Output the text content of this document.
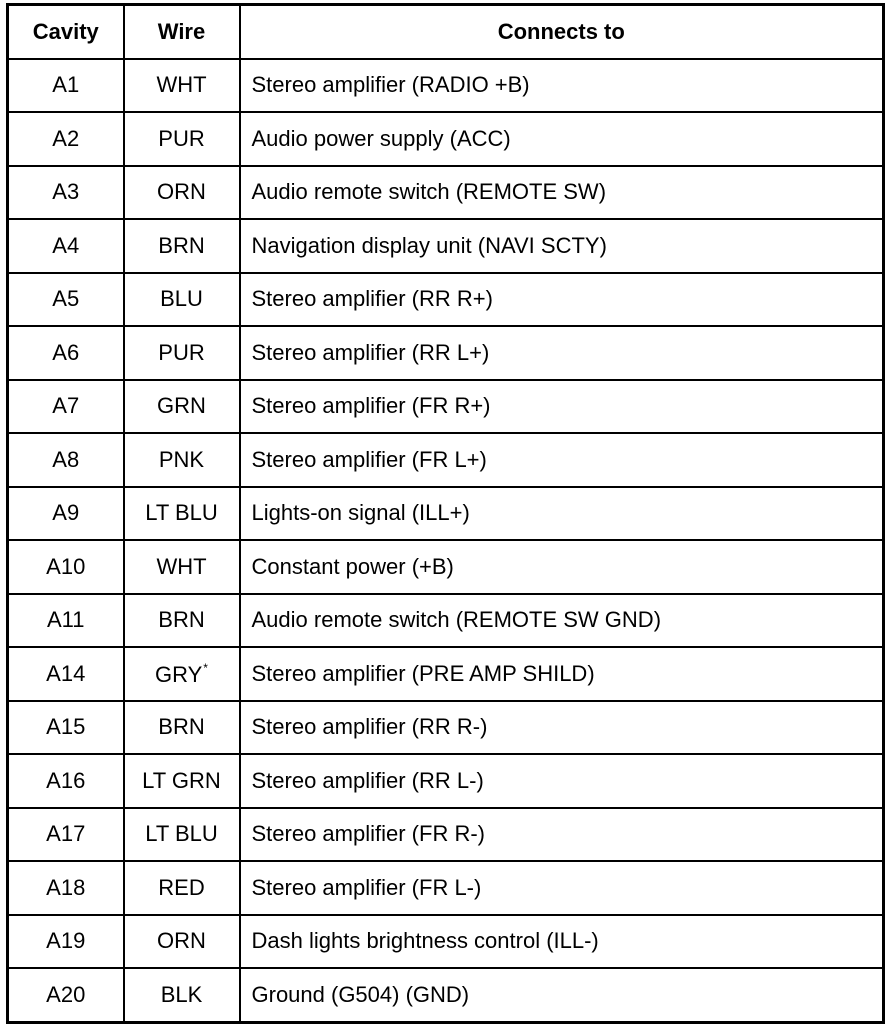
Cavity	Wire	Connects to
A1	WHT	Stereo amplifier (RADIO +B)
A2	PUR	Audio power supply (ACC)
A3	ORN	Audio remote switch (REMOTE SW)
A4	BRN	Navigation display unit (NAVI SCTY)
A5	BLU	Stereo amplifier (RR R+)
A6	PUR	Stereo amplifier (RR L+)
A7	GRN	Stereo amplifier (FR R+)
A8	PNK	Stereo amplifier (FR L+)
A9	LT BLU	Lights-on signal (ILL+)
A10	WHT	Constant power (+B)
A11	BRN	Audio remote switch (REMOTE SW GND)
A14	GRY*	Stereo amplifier (PRE AMP SHILD)
A15	BRN	Stereo amplifier (RR R-)
A16	LT GRN	Stereo amplifier (RR L-)
A17	LT BLU	Stereo amplifier (FR R-)
A18	RED	Stereo amplifier (FR L-)
A19	ORN	Dash lights brightness control (ILL-)
A20	BLK	Ground (G504) (GND)
